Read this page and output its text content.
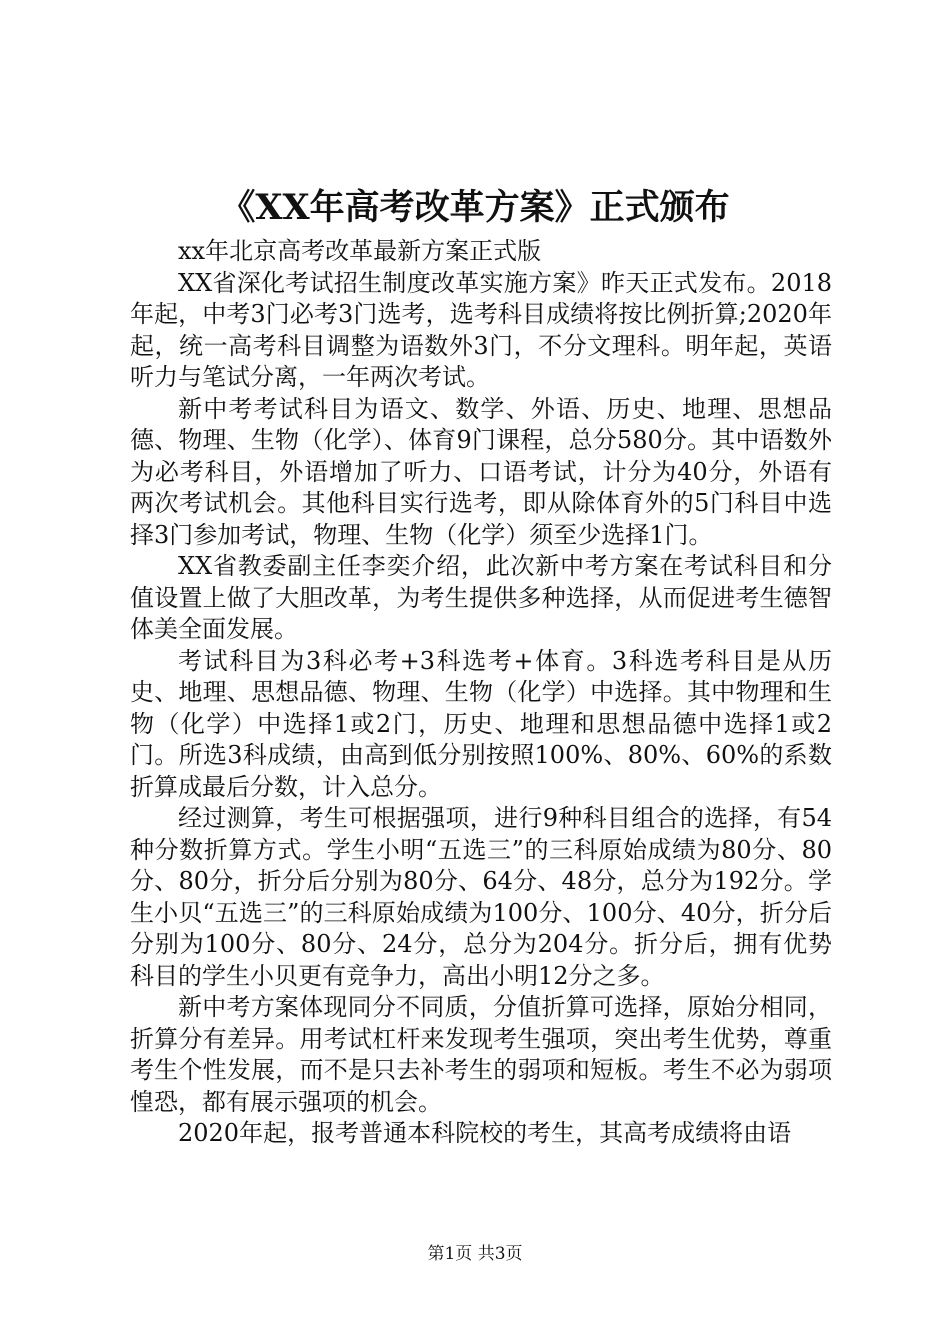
《XX年高考改革方案》正式颁布

xx年北京高考改革最新方案正式版

XX省深化考试招生制度改革实施方案》昨天正式发布。2018年起，中考3门必考3门选考，选考科目成绩将按比例折算;2020年起，统一高考科目调整为语数外3门，不分文理科。明年起，英语听力与笔试分离，一年两次考试。

新中考考试科目为语文、数学、外语、历史、地理、思想品德、物理、生物（化学）、体育9门课程，总分580分。其中语数外为必考科目，外语增加了听力、口语考试，计分为40分，外语有两次考试机会。其他科目实行选考，即从除体育外的5门科目中选择3门参加考试，物理、生物（化学）须至少选择1门。

XX省教委副主任李奕介绍，此次新中考方案在考试科目和分值设置上做了大胆改革，为考生提供多种选择，从而促进考生德智体美全面发展。

考试科目为3科必考+3科选考+体育。3科选考科目是从历史、地理、思想品德、物理、生物（化学）中选择。其中物理和生物（化学）中选择1或2门，历史、地理和思想品德中选择1或2门。所选3科成绩，由高到低分别按照100%、80%、60%的系数折算成最后分数，计入总分。

经过测算，考生可根据强项，进行9种科目组合的选择，有54种分数折算方式。学生小明“五选三”的三科原始成绩为80分、80分、80分，折分后分别为80分、64分、48分，总分为192分。学生小贝“五选三”的三科原始成绩为100分、100分、40分，折分后分别为100分、80分、24分，总分为204分。折分后，拥有优势科目的学生小贝更有竞争力，高出小明12分之多。

新中考方案体现同分不同质，分值折算可选择，原始分相同，折算分有差异。用考试杠杆来发现考生强项，突出考生优势，尊重考生个性发展，而不是只去补考生的弱项和短板。考生不必为弱项惶恐，都有展示强项的机会。

2020年起，报考普通本科院校的考生，其高考成绩将由语

第1页 共3页
